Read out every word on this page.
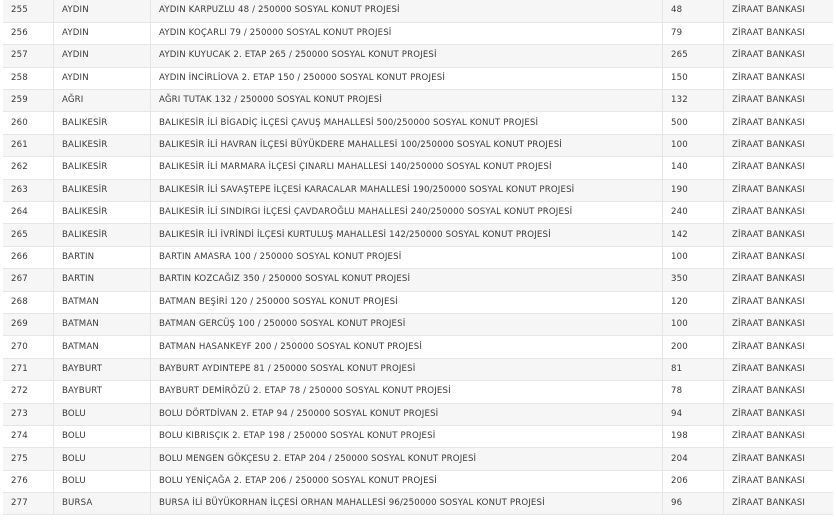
255	AYDIN	AYDIN KARPUZLU 48 / 250000 SOSYAL KONUT PROJESİ	48	ZİRAAT BANKASI
256	AYDIN	AYDIN KOÇARLI 79 / 250000 SOSYAL KONUT PROJESİ	79	ZİRAAT BANKASI
257	AYDIN	AYDIN KUYUCAK 2. ETAP 265 / 250000 SOSYAL KONUT PROJESİ	265	ZİRAAT BANKASI
258	AYDIN	AYDIN İNCİRLİOVA 2. ETAP 150 / 250000 SOSYAL KONUT PROJESİ	150	ZİRAAT BANKASI
259	AĞRI	AĞRI TUTAK 132 / 250000 SOSYAL KONUT PROJESİ	132	ZİRAAT BANKASI
260	BALIKESİR	BALIKESİR İLİ BİGADİÇ İLÇESİ ÇAVUŞ MAHALLESİ 500/250000 SOSYAL KONUT PROJESİ	500	ZİRAAT BANKASI
261	BALIKESİR	BALIKESİR İLİ HAVRAN İLÇESİ BÜYÜKDERE MAHALLESİ 100/250000 SOSYAL KONUT PROJESİ	100	ZİRAAT BANKASI
262	BALIKESİR	BALIKESİR İLİ MARMARA İLÇESİ ÇINARLI MAHALLESİ 140/250000 SOSYAL KONUT PROJESİ	140	ZİRAAT BANKASI
263	BALIKESİR	BALIKESİR İLİ SAVAŞTEPE İLÇESİ KARACALAR MAHALLESİ 190/250000 SOSYAL KONUT PROJESİ	190	ZİRAAT BANKASI
264	BALIKESİR	BALIKESİR İLİ SINDIRGI İLÇESİ ÇAVDAROĞLU MAHALLESİ 240/250000 SOSYAL KONUT PROJESİ	240	ZİRAAT BANKASI
265	BALIKESİR	BALIKESİR İLİ İVRİNDİ İLÇESİ KURTULUŞ MAHALLESİ 142/250000 SOSYAL KONUT PROJESİ	142	ZİRAAT BANKASI
266	BARTIN	BARTIN AMASRA 100 / 250000 SOSYAL KONUT PROJESİ	100	ZİRAAT BANKASI
267	BARTIN	BARTIN KOZCAĞIZ 350 / 250000 SOSYAL KONUT PROJESİ	350	ZİRAAT BANKASI
268	BATMAN	BATMAN BEŞİRİ 120 / 250000 SOSYAL KONUT PROJESİ	120	ZİRAAT BANKASI
269	BATMAN	BATMAN GERCÜŞ 100 / 250000 SOSYAL KONUT PROJESİ	100	ZİRAAT BANKASI
270	BATMAN	BATMAN HASANKEYF 200 / 250000 SOSYAL KONUT PROJESİ	200	ZİRAAT BANKASI
271	BAYBURT	BAYBURT AYDINTEPE 81 / 250000 SOSYAL KONUT PROJESİ	81	ZİRAAT BANKASI
272	BAYBURT	BAYBURT DEMİRÖZÜ 2. ETAP 78 / 250000 SOSYAL KONUT PROJESİ	78	ZİRAAT BANKASI
273	BOLU	BOLU DÖRTDİVAN 2. ETAP 94 / 250000 SOSYAL KONUT PROJESİ	94	ZİRAAT BANKASI
274	BOLU	BOLU KIBRISÇIK 2. ETAP 198 / 250000 SOSYAL KONUT PROJESİ	198	ZİRAAT BANKASI
275	BOLU	BOLU MENGEN GÖKÇESU 2. ETAP 204 / 250000 SOSYAL KONUT PROJESİ	204	ZİRAAT BANKASI
276	BOLU	BOLU YENİÇAĞA 2. ETAP 206 / 250000 SOSYAL KONUT PROJESİ	206	ZİRAAT BANKASI
277	BURSA	BURSA İLİ BÜYÜKORHAN İLÇESİ ORHAN MAHALLESİ 96/250000 SOSYAL KONUT PROJESİ	96	ZİRAAT BANKASI
